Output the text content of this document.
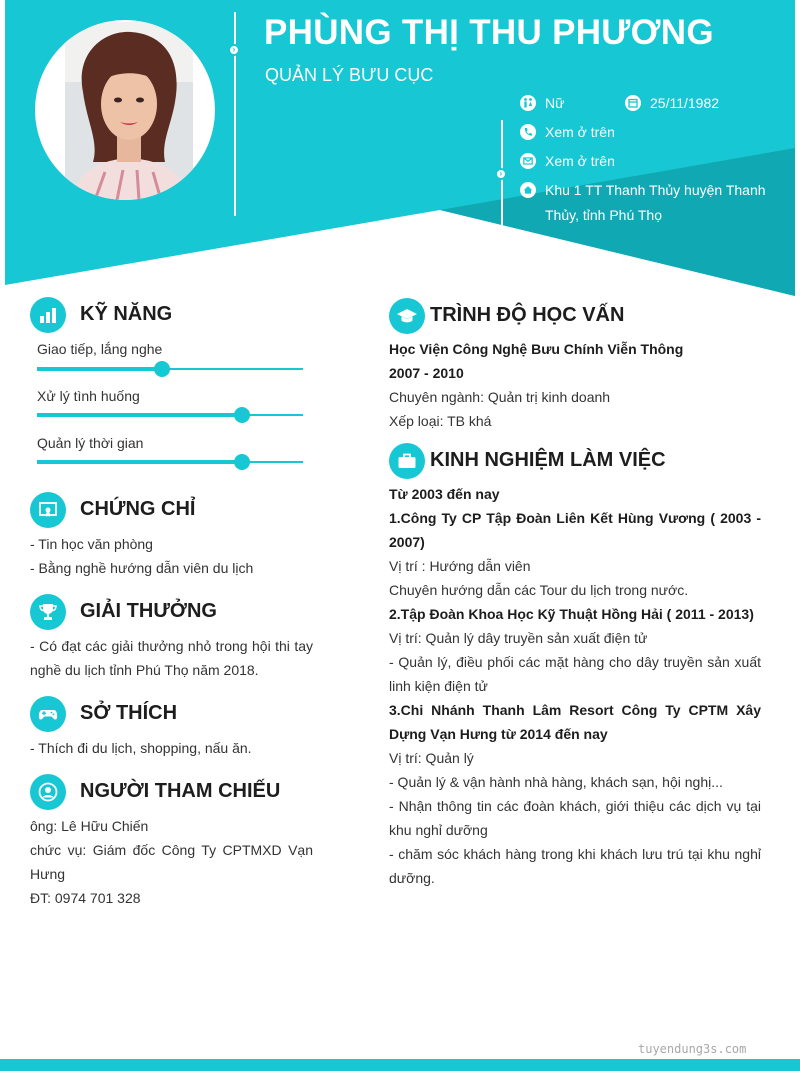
› PHÙNG THỊ THU PHƯƠNG
QUẢN LÝ BƯU CỤC
›
Nữ	25/11/1982
Xem ở trên
Xem ở trên
Khu 1 TT Thanh Thủy huyện Thanh Thủy, tỉnh Phú Thọ
KỸ NĂNG
Giao tiếp, lắng nghe
Xử lý tình huống
Quản lý thời gian
CHỨNG CHỈ

- Tin học văn phòng

- Bằng nghề hướng dẫn viên du lịch

GIẢI THƯỞNG
- Có đạt các giải thưởng nhỏ trong hội thi tay nghề du lịch tỉnh Phú Thọ năm 2018.
SỞ THÍCH
- Thích đi du lịch, shopping, nấu ăn.
NGƯỜI THAM CHIẾU

ông: Lê Hữu Chiến

chức vụ: Giám đốc Công Ty CPTMXD Vạn Hưng

ĐT: 0974 701 328

TRÌNH ĐỘ HỌC VẤN

Học Viện Công Nghệ Bưu Chính Viễn Thông

2007 - 2010

Chuyên ngành: Quản trị kinh doanh

Xếp loại: TB khá

KINH NGHIỆM LÀM VIỆC

Từ 2003 đến nay

1.Công Ty CP Tập Đoàn Liên Kết Hùng Vương ( 2003 - 2007)

Vị trí : Hướng dẫn viên

Chuyên hướng dẫn các Tour du lịch trong nước.

2.Tập Đoàn Khoa Học Kỹ Thuật Hồng Hải ( 2011 - 2013)

Vị trí: Quản lý dây truyền sản xuất điện tử

- Quản lý, điều phối các mặt hàng cho dây truyền sản xuất linh kiện điện tử

3.Chi Nhánh Thanh Lâm Resort Công Ty CPTM Xây Dựng Vạn Hưng từ 2014 đến nay

Vị trí: Quản lý

- Quản lý & vận hành nhà hàng, khách sạn, hội nghị...

- Nhận thông tin các đoàn khách, giới thiệu các dịch vụ tại khu nghỉ dưỡng

- chăm sóc khách hàng trong khi khách lưu trú tại khu nghỉ dưỡng.

tuyendung3s.com
